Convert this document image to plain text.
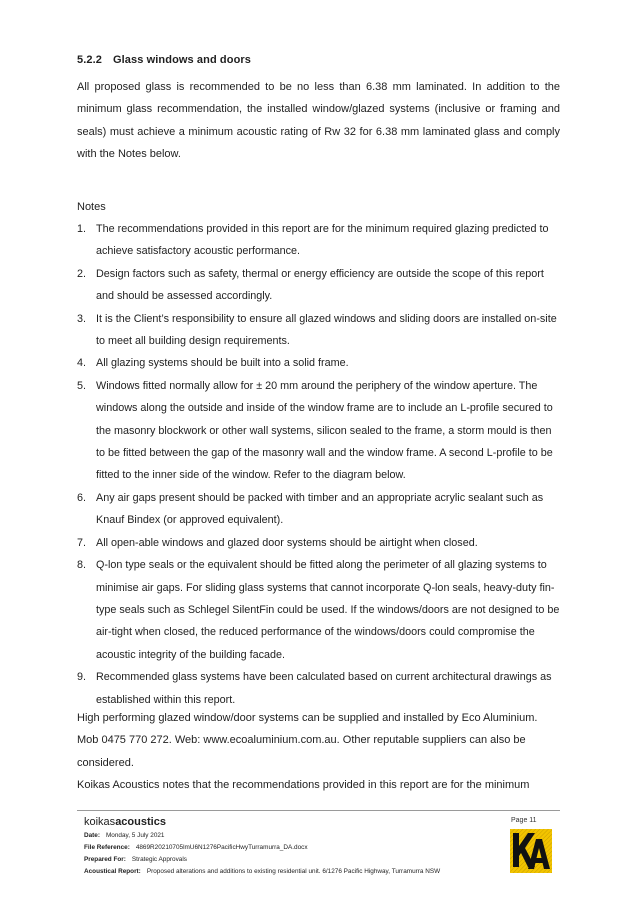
5.2.2 Glass windows and doors

All proposed glass is recommended to be no less than 6.38 mm laminated. In addition to the minimum glass recommendation, the installed window/glazed systems (inclusive or framing and seals) must achieve a minimum acoustic rating of Rw 32 for 6.38 mm laminated glass and comply with the Notes below.

Notes
1. The recommendations provided in this report are for the minimum required glazing predicted to achieve satisfactory acoustic performance.
2. Design factors such as safety, thermal or energy efficiency are outside the scope of this report and should be assessed accordingly.
3. It is the Client’s responsibility to ensure all glazed windows and sliding doors are installed on-site to meet all building design requirements.
4. All glazing systems should be built into a solid frame.
5. Windows fitted normally allow for ± 20 mm around the periphery of the window aperture. The windows along the outside and inside of the window frame are to include an L-profile secured to the masonry blockwork or other wall systems, silicon sealed to the frame, a storm mould is then to be fitted between the gap of the masonry wall and the window frame. A second L-profile to be fitted to the inner side of the window. Refer to the diagram below.
6. Any air gaps present should be packed with timber and an appropriate acrylic sealant such as Knauf Bindex (or approved equivalent).
7. All open-able windows and glazed door systems should be airtight when closed.
8. Q-lon type seals or the equivalent should be fitted along the perimeter of all glazing systems to minimise air gaps. For sliding glass systems that cannot incorporate Q-lon seals, heavy-duty fin-type seals such as Schlegel SilentFin could be used. If the windows/doors are not designed to be air-tight when closed, the reduced performance of the windows/doors could compromise the acoustic integrity of the building facade.
9. Recommended glass systems have been calculated based on current architectural drawings as established within this report.

High performing glazed window/door systems can be supplied and installed by Eco Aluminium. Mob 0475 770 272. Web: www.ecoaluminium.com.au. Other reputable suppliers can also be considered.

Koikas Acoustics notes that the recommendations provided in this report are for the minimum

koikasacoustics
Date: Monday, 5 July 2021
File Reference: 4869R20210705lmU6N1276PacificHwyTurramurra_DA.docx
Prepared For: Strategic Approvals
Acoustical Report: Proposed alterations and additions to existing residential unit. 6/1276 Pacific Highway, Turramurra NSW
Page 11
